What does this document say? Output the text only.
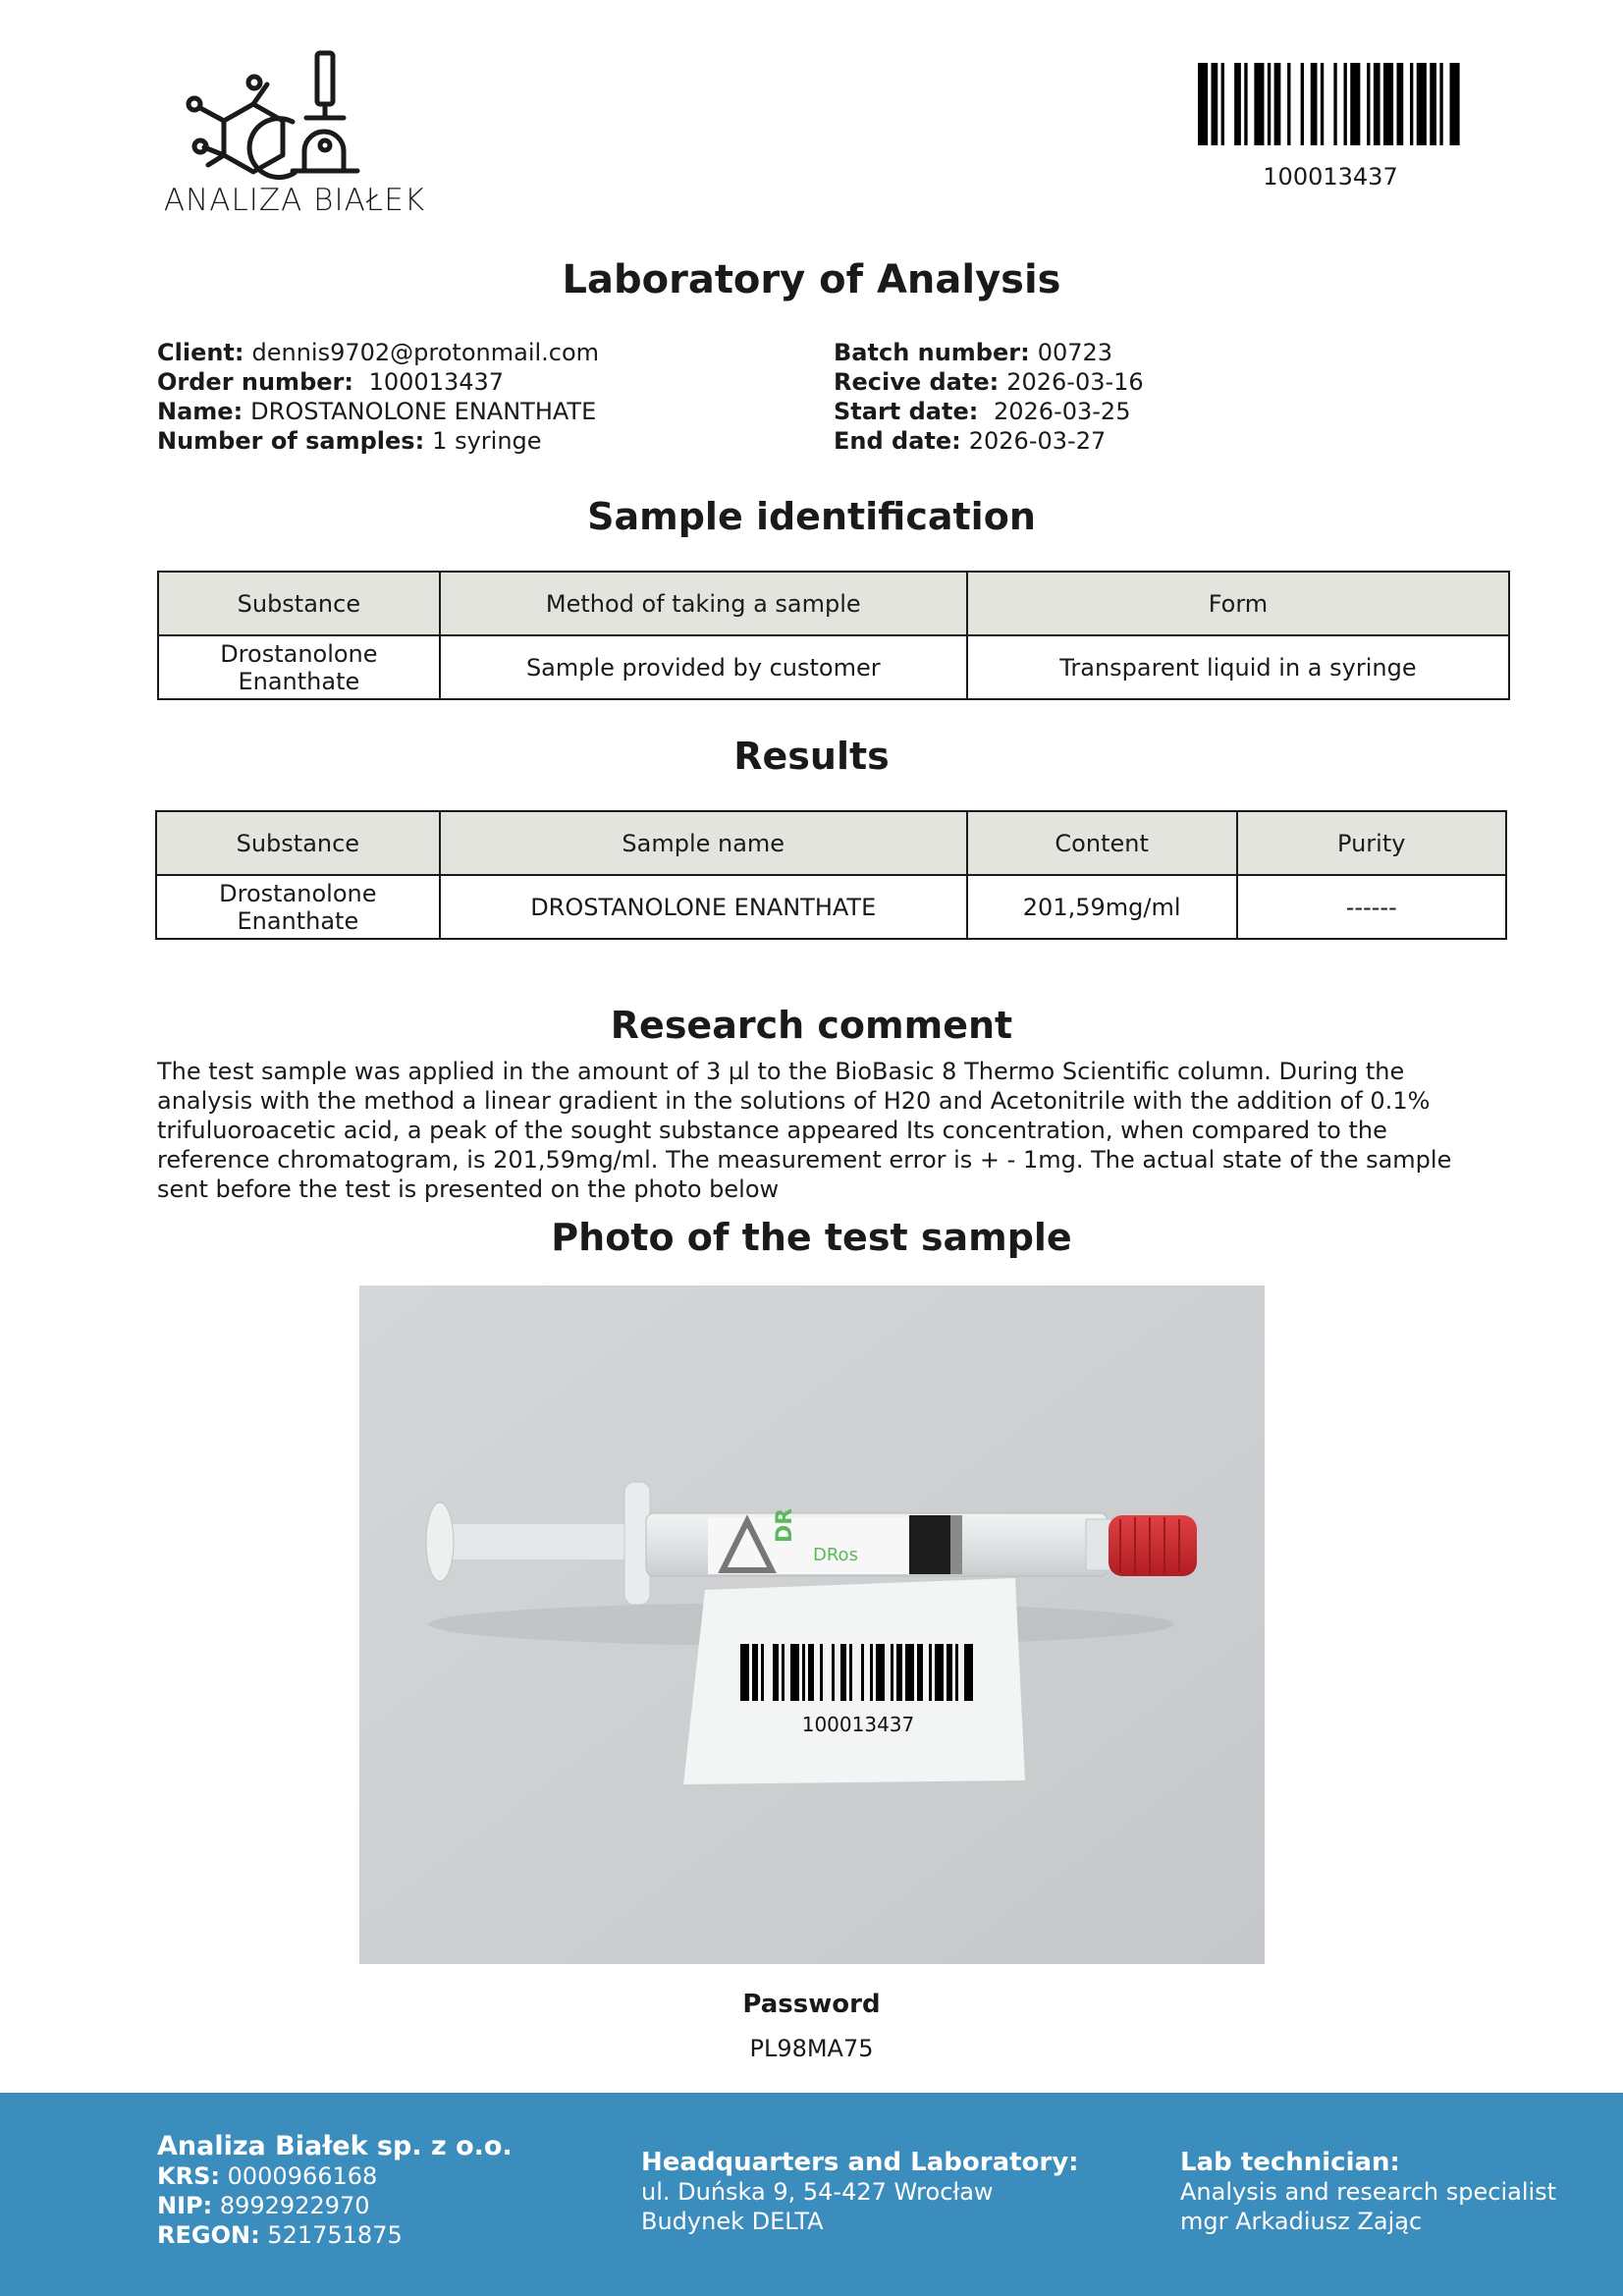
ANALIZA BIAŁEK
100013437
Laboratory of Analysis
Client: dennis9702@protonmail.com
Order number: 100013437
Name: DROSTANOLONE ENANTHATE
Number of samples: 1 syringe
Batch number: 00723
Recive date: 2026-03-16
Start date: 2026-03-25
End date: 2026-03-27
Sample identification
Substance	Method of taking a sample	Form
Drostanolone Enanthate	Sample provided by customer	Transparent liquid in a syringe
Results
Substance	Sample name	Content	Purity
Drostanolone Enanthate	DROSTANOLONE ENANTHATE	201,59mg/ml	------
Research comment
The test sample was applied in the amount of 3 µl to the BioBasic 8 Thermo Scientific column. During the analysis with the method a linear gradient in the solutions of H20 and Acetonitrile with the addition of 0.1% trifuluoroacetic acid, a peak of the sought substance appeared Its concentration, when compared to the reference chromatogram, is 201,59mg/ml. The measurement error is + - 1mg. The actual state of the sample sent before the test is presented on the photo below
Photo of the test sample
100013437
DR
DRos
Password
PL98MA75
Analiza Białek sp. z o.o.
KRS: 0000966168
NIP: 8992922970
REGON: 521751875
Headquarters and Laboratory:
ul. Duńska 9, 54-427 Wrocław
Budynek DELTA
Lab technician:
Analysis and research specialist
mgr Arkadiusz Zając
